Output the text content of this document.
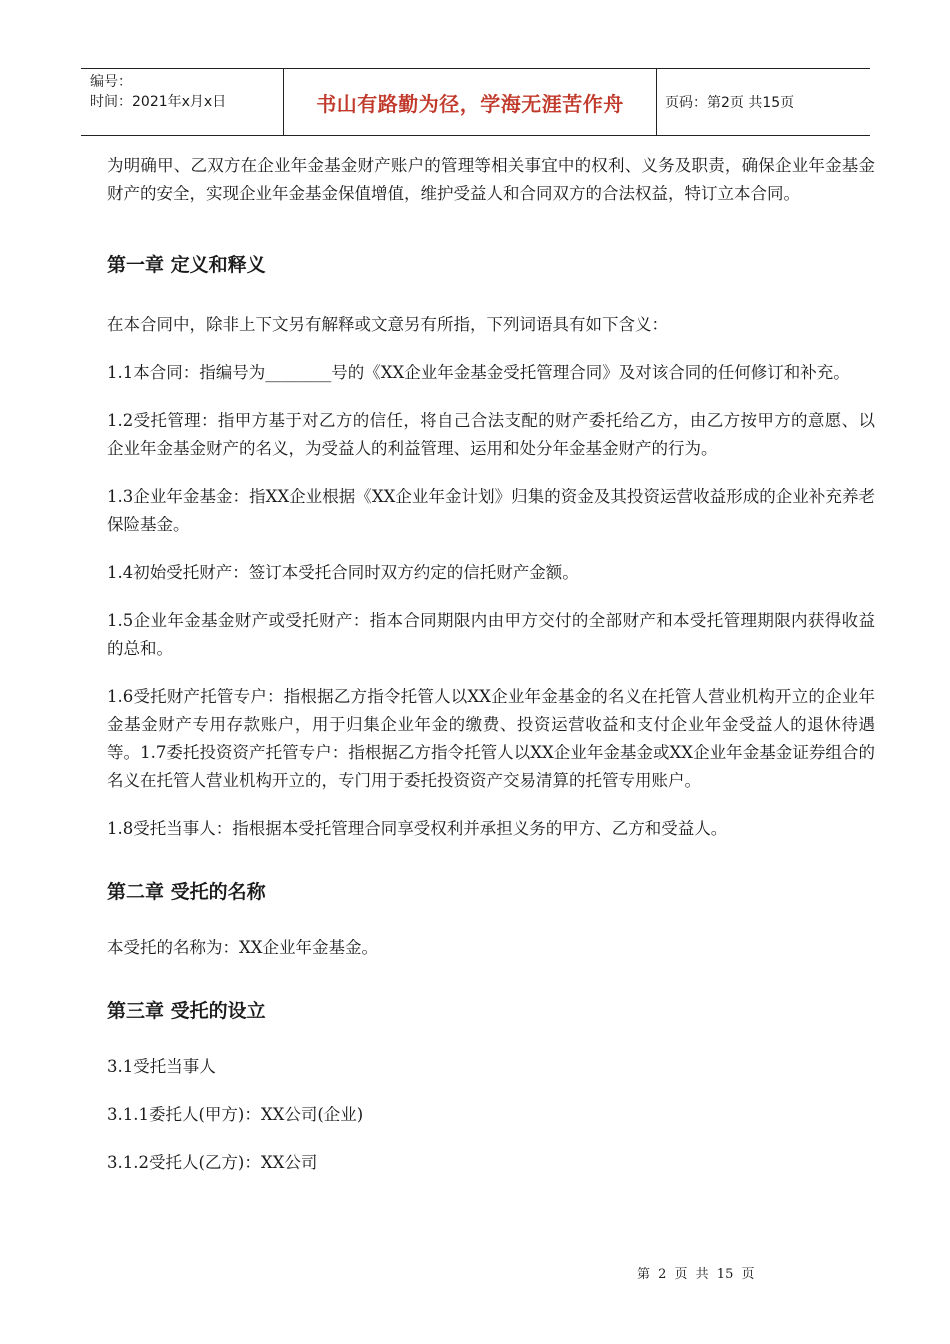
编号：
时间：2021年x月x日	书山有路勤为径，学海无涯苦作舟	页码：第2页 共15页

为明确甲、乙双方在企业年金基金财产账户的管理等相关事宜中的权利、义务及职责，确保企业年金基金财产的安全，实现企业年金基金保值增值，维护受益人和合同双方的合法权益，特订立本合同。

第一章 定义和释义

在本合同中，除非上下文另有解释或文意另有所指，下列词语具有如下含义：

1.1本合同：指编号为________号的《XX企业年金基金受托管理合同》及对该合同的任何修订和补充。

1.2受托管理：指甲方基于对乙方的信任，将自己合法支配的财产委托给乙方，由乙方按甲方的意愿、以企业年金基金财产的名义，为受益人的利益管理、运用和处分年金基金财产的行为。

1.3企业年金基金：指XX企业根据《XX企业年金计划》归集的资金及其投资运营收益形成的企业补充养老保险基金。

1.4初始受托财产：签订本受托合同时双方约定的信托财产金额。

1.5企业年金基金财产或受托财产：指本合同期限内由甲方交付的全部财产和本受托管理期限内获得收益的总和。

1.6受托财产托管专户：指根据乙方指令托管人以XX企业年金基金的名义在托管人营业机构开立的企业年金基金财产专用存款账户，用于归集企业年金的缴费、投资运营收益和支付企业年金受益人的退休待遇等。1.7委托投资资产托管专户：指根据乙方指令托管人以XX企业年金基金或XX企业年金基金证券组合的名义在托管人营业机构开立的，专门用于委托投资资产交易清算的托管专用账户。

1.8受托当事人：指根据本受托管理合同享受权利并承担义务的甲方、乙方和受益人。

第二章 受托的名称

本受托的名称为：XX企业年金基金。

第三章 受托的设立

3.1受托当事人

3.1.1委托人(甲方)：XX公司(企业)

3.1.2受托人(乙方)：XX公司

第 2 页 共 15 页
